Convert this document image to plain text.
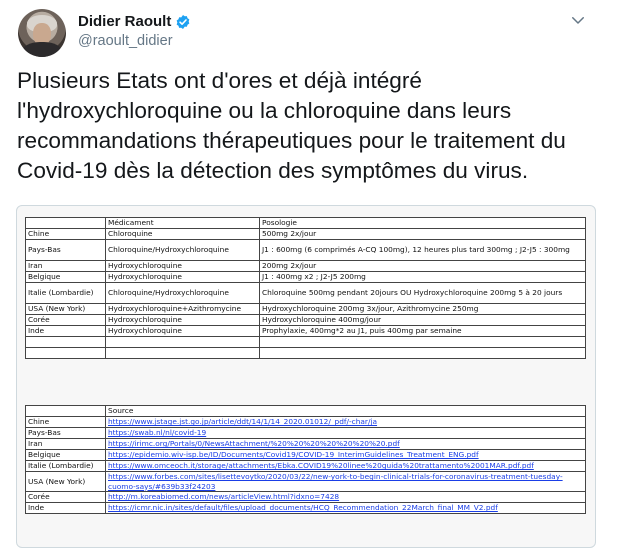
Didier Raoult
@raoult_didier
Plusieurs Etats ont d'ores et déjà intégré
l'hydroxychloroquine ou la chloroquine dans leurs
recommandations thérapeutiques pour le traitement du
Covid-19 dès la détection des symptômes du virus.
	Médicament	Posologie
Chine	Chloroquine	500mg 2x/jour
Pays-Bas	Chloroquine/Hydroxychloroquine	J1 : 600mg (6 comprimés A-CQ 100mg), 12 heures plus tard 300mg ; J2-J5 : 300mg
Iran	Hydroxychloroquine	200mg 2x/jour
Belgique	Hydroxychloroquine	J1 : 400mg x2 ; J2-J5 200mg
Italie (Lombardie)	Chloroquine/Hydroxychloroquine	Chloroquine 500mg pendant 20jours OU Hydroxychloroquine 200mg 5 à 20 jours
USA (New York)	Hydroxychloroquine+Azithromycine	Hydroxychloroquine 200mg 3x/jour, Azithromycine 250mg
Corée	Hydroxychloroquine	Hydroxychloroquine 400mg/jour
Inde	Hydroxychloroquine	Prophylaxie, 400mg*2 au J1, puis 400mg par semaine

	Source
Chine	https://www.jstage.jst.go.jp/article/ddt/14/1/14_2020.01012/_pdf/-char/ja
Pays-Bas	https://swab.nl/nl/covid-19
Iran	https://irimc.org/Portals/0/NewsAttachment/%20%20%20%20%20%20%20.pdf
Belgique	https://epidemio.wiv-isp.be/ID/Documents/Covid19/COVID-19_InterimGuidelines_Treatment_ENG.pdf
Italie (Lombardie)	https://www.omceoch.it/storage/attachments/Ebka.COVID19%20linee%20guida%20trattamento%2001MAR.pdf.pdf
USA (New York)	https://www.forbes.com/sites/lisettevoytko/2020/03/22/new-york-to-begin-clinical-trials-for-coronavirus-treatment-tuesday-cuomo-says/#639b33f24203
Corée	http://m.koreabiomed.com/news/articleView.html?idxno=7428
Inde	https://icmr.nic.in/sites/default/files/upload_documents/HCQ_Recommendation_22March_final_MM_V2.pdf
